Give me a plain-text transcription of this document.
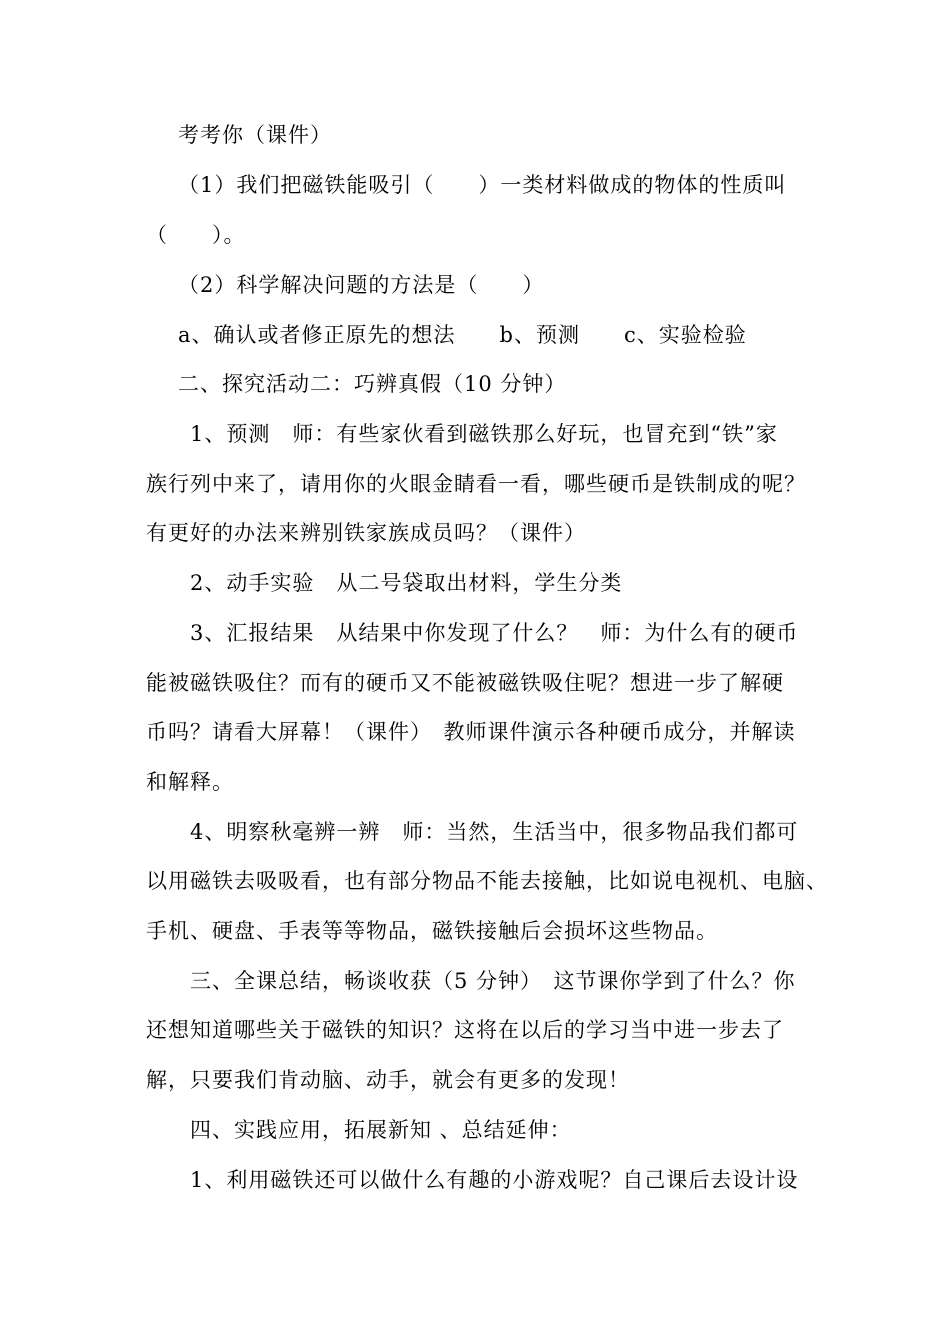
考考你（课件）
（1）我们把磁铁能吸引（　　）一类材料做成的物体的性质叫
（　　）。
（2）科学解决问题的方法是（　　）
a、确认或者修正原先的想法　　b、预测　　c、实验检验
二、探究活动二：巧辨真假（10 分钟）
1、预测　师：有些家伙看到磁铁那么好玩，也冒充到“铁”家
族行列中来了，请用你的火眼金睛看一看，哪些硬币是铁制成的呢？
有更好的办法来辨别铁家族成员吗？（课件）
2、动手实验　从二号袋取出材料，学生分类
3、汇报结果　从结果中你发现了什么？　师：为什么有的硬币
能被磁铁吸住？而有的硬币又不能被磁铁吸住呢？想进一步了解硬
币吗？请看大屏幕！（课件）　教师课件演示各种硬币成分，并解读
和解释。
4、明察秋毫辨一辨　师：当然，生活当中，很多物品我们都可
以用磁铁去吸吸看，也有部分物品不能去接触，比如说电视机、电脑、
手机、硬盘、手表等等物品，磁铁接触后会损坏这些物品。
三、全课总结，畅谈收获（5 分钟）　这节课你学到了什么？你
还想知道哪些关于磁铁的知识？这将在以后的学习当中进一步去了
解，只要我们肯动脑、动手，就会有更多的发现！
四、实践应用，拓展新知 、总结延伸：
1、利用磁铁还可以做什么有趣的小游戏呢？自己课后去设计设
